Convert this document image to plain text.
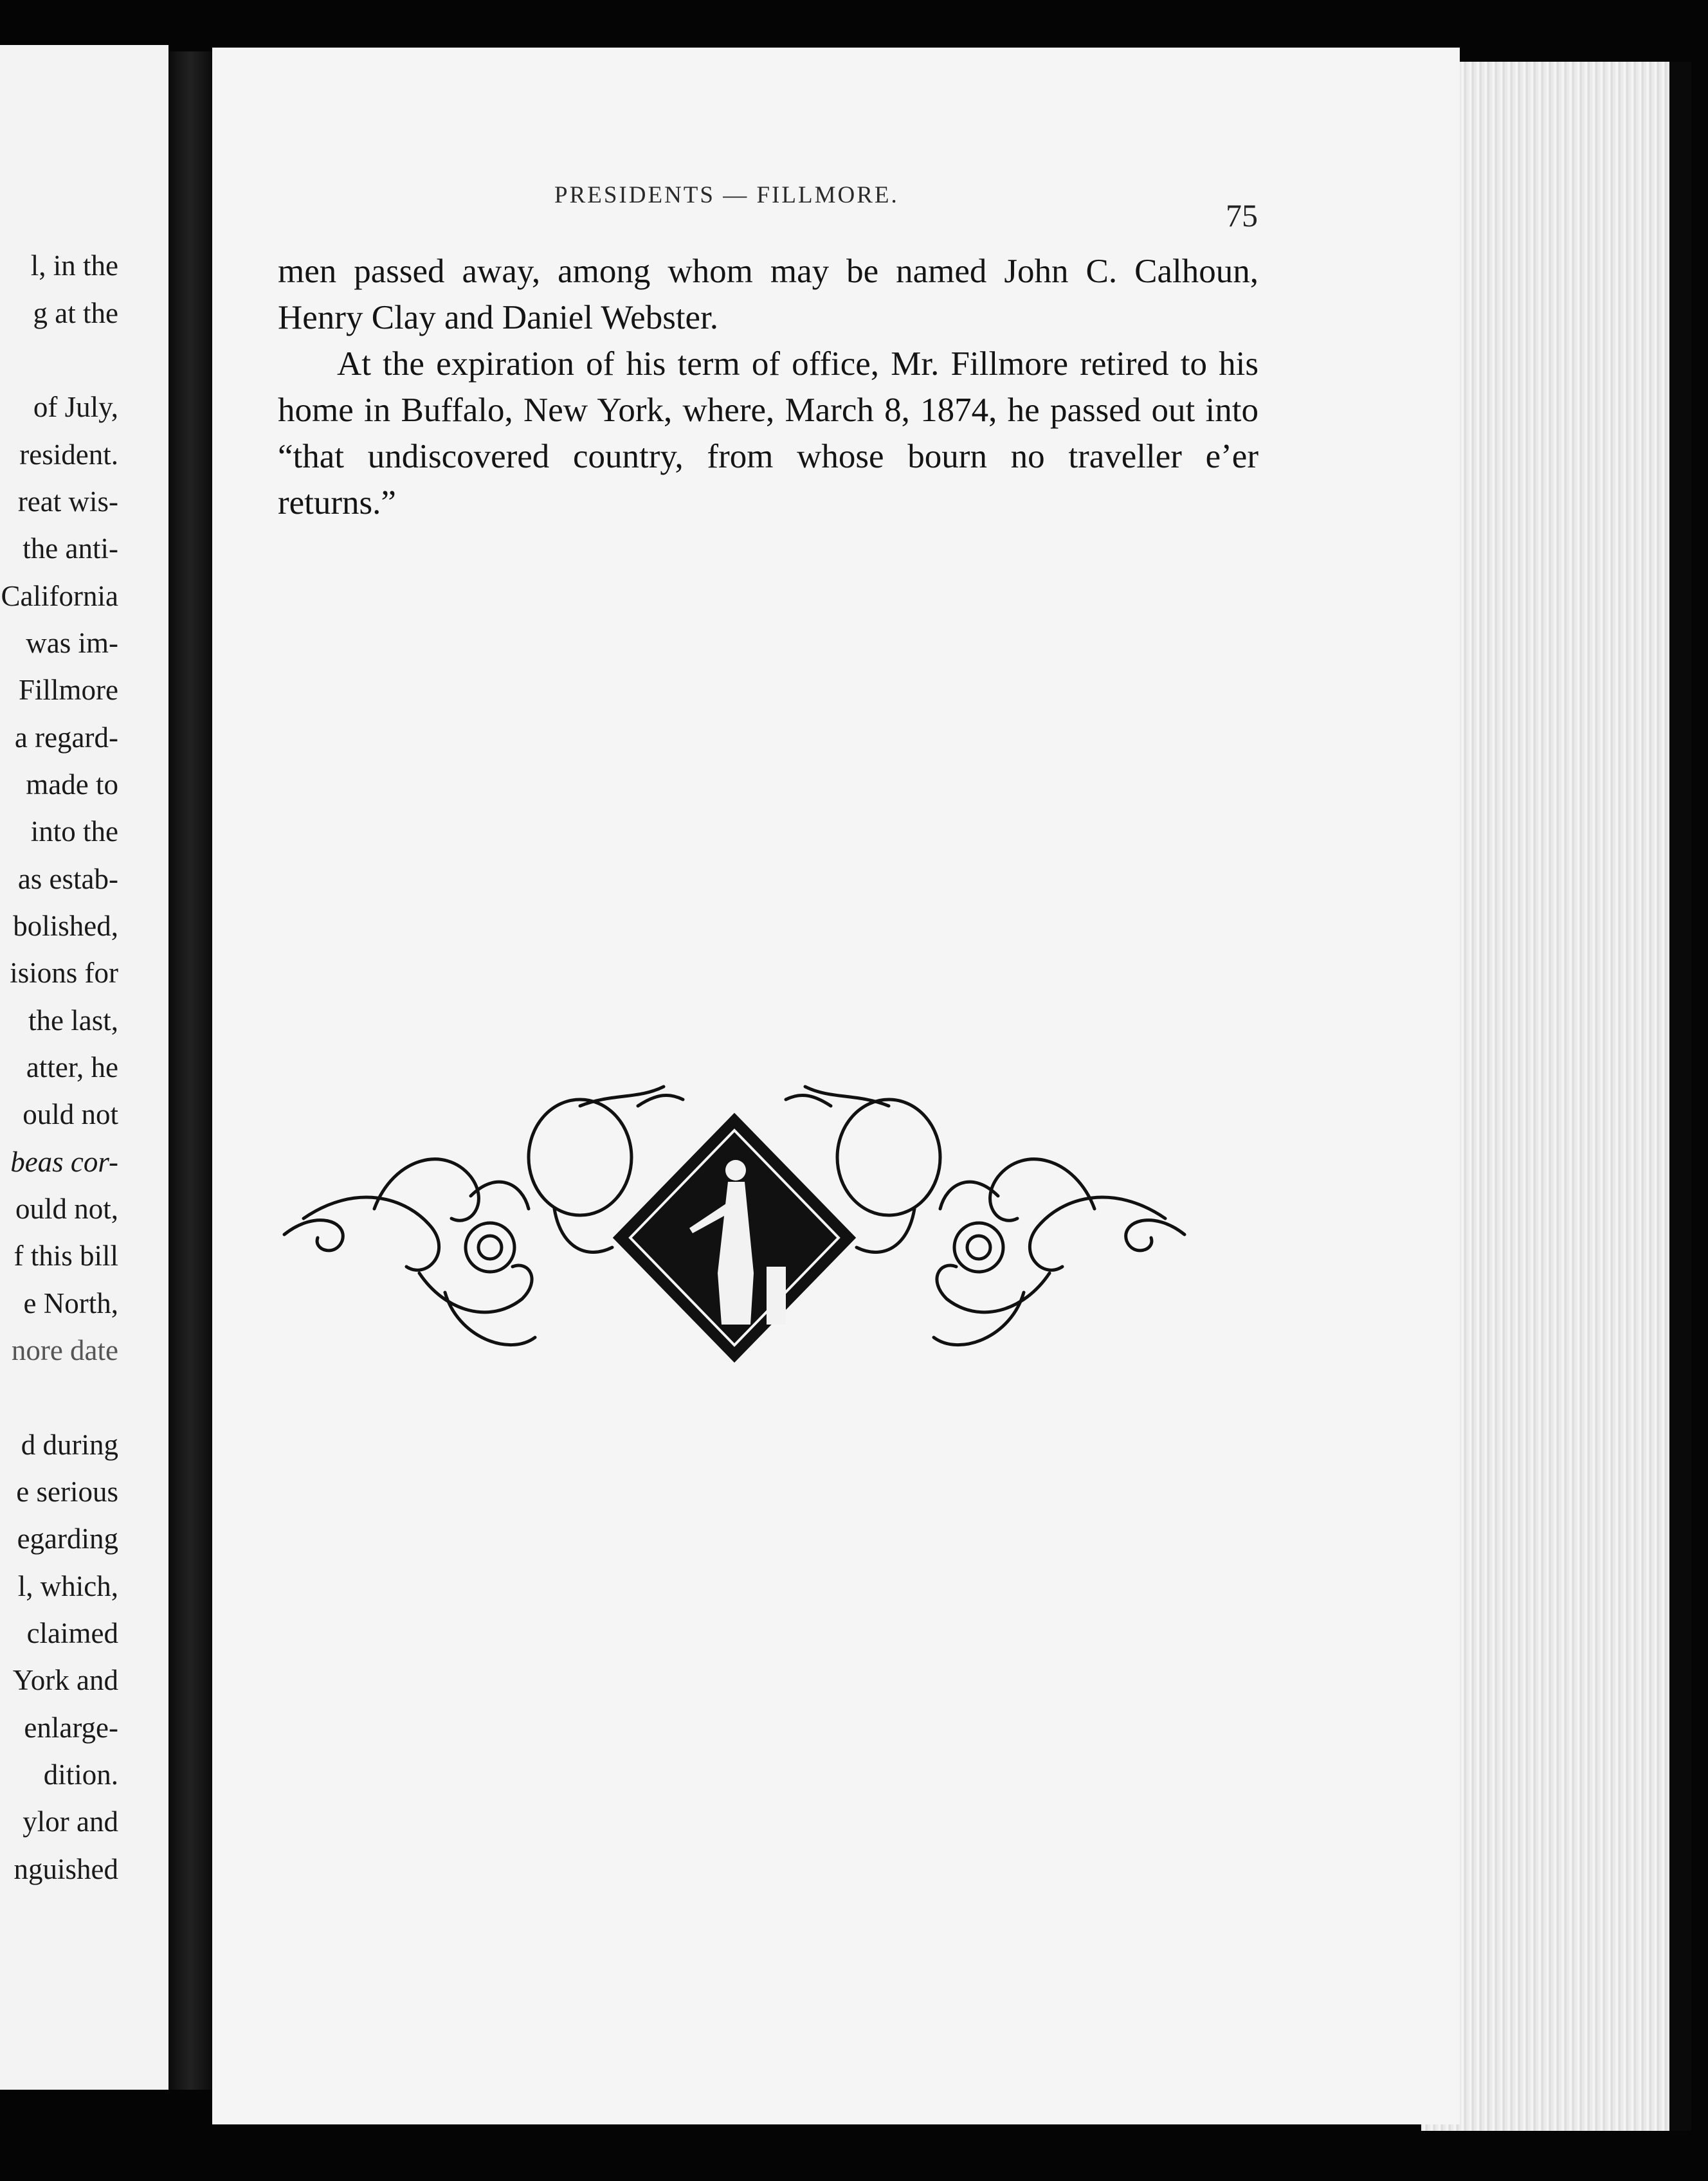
l, in the
g at the
of July,
resident.
reat wis-
the anti-
California
was im-
Fillmore
a regard-
made to
into the
as estab-
bolished,
isions for
the last,
atter, he
ould not
beas cor-
ould not,
f this bill
e North,
nore date
d during
e serious
egarding
l, which,
claimed
York and
enlarge-
dition.
ylor and
nguished
PRESIDENTS — FILLMORE.
75

men passed away, among whom may be named John C. Calhoun, Henry Clay and Daniel Webster.

At the expiration of his term of office, Mr. Fillmore retired to his home in Buffalo, New York, where, March 8, 1874, he passed out into “that undiscovered country, from whose bourn no traveller e’er returns.”
